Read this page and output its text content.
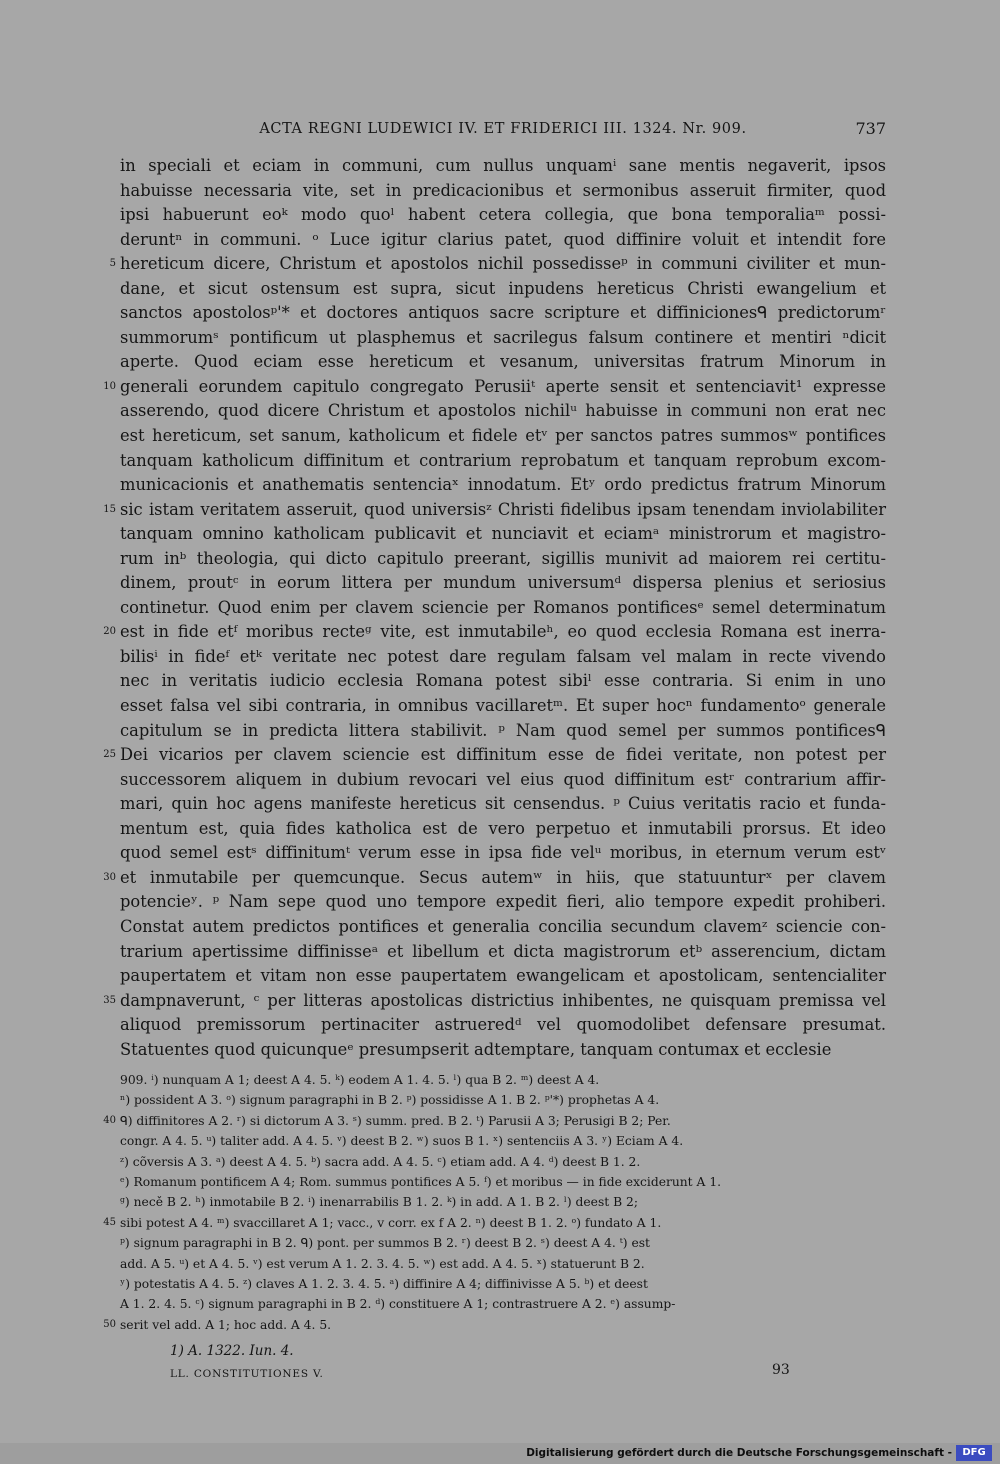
ACTA REGNI LUDEWICI IV. ET FRIDERICI III. 1324. Nr. 909.	737
in speciali et eciam in communi, cum nullus unquamⁱ sane mentis negaverit, ipsos
habuisse necessaria vite, set in predicacionibus et sermonibus asseruit firmiter, quod
ipsi habuerunt eoᵏ modo quoˡ habent cetera collegia, que bona temporaliaᵐ possi-
deruntⁿ in communi. ᵒ Luce igitur clarius patet, quod diffinire voluit et intendit fore
5 hereticum dicere, Christum et apostolos nichil possedisseᵖ in communi civiliter et mun-
dane, et sicut ostensum est supra, sicut inpudens hereticus Christi ewangelium et
sanctos apostolosᵖ'* et doctores antiquos sacre scripture et diffinicionesᑫ predictorumʳ
summorumˢ pontificum ut plasphemus et sacrilegus falsum continere et mentiri ⁿdicit
aperte. Quod eciam esse hereticum et vesanum, universitas fratrum Minorum in
10 generali eorundem capitulo congregato Perusiiᵗ aperte sensit et sentenciavit¹ expresse
asserendo, quod dicere Christum et apostolos nichilᵘ habuisse in communi non erat nec
est hereticum, set sanum, katholicum et fidele etᵛ per sanctos patres summosʷ pontifices
tanquam katholicum diffinitum et contrarium reprobatum et tanquam reprobum excom-
municacionis et anathematis sentenciaˣ innodatum. Etʸ ordo predictus fratrum Minorum
15 sic istam veritatem asseruit, quod universisᶻ Christi fidelibus ipsam tenendam inviolabiliter
tanquam omnino katholicam publicavit et nunciavit et eciamᵃ ministrorum et magistro-
rum inᵇ theologia, qui dicto capitulo preerant, sigillis munivit ad maiorem rei certitu-
dinem, proutᶜ in eorum littera per mundum universumᵈ dispersa plenius et seriosius
continetur. Quod enim per clavem sciencie per Romanos pontificesᵉ semel determinatum
20 est in fide etᶠ moribus recteᵍ vite, est inmutabileʰ, eo quod ecclesia Romana est inerra-
bilisⁱ in fideᶠ etᵏ veritate nec potest dare regulam falsam vel malam in recte vivendo
nec in veritatis iudicio ecclesia Romana potest sibiˡ esse contraria. Si enim in uno
esset falsa vel sibi contraria, in omnibus vacillaretᵐ. Et super hocⁿ fundamentoᵒ generale
capitulum se in predicta littera stabilivit. ᵖ Nam quod semel per summos pontificesᑫ
25 Dei vicarios per clavem sciencie est diffinitum esse de fidei veritate, non potest per
successorem aliquem in dubium revocari vel eius quod diffinitum estʳ contrarium affir-
mari, quin hoc agens manifeste hereticus sit censendus. ᵖ Cuius veritatis racio et funda-
mentum est, quia fides katholica est de vero perpetuo et inmutabili prorsus. Et ideo
quod semel estˢ diffinitumᵗ verum esse in ipsa fide velᵘ moribus, in eternum verum estᵛ
30 et inmutabile per quemcunque. Secus autemʷ in hiis, que statuunturˣ per clavem
potencieʸ. ᵖ Nam sepe quod uno tempore expedit fieri, alio tempore expedit prohiberi.
Constat autem predictos pontifices et generalia concilia secundum clavemᶻ sciencie con-
trarium apertissime diffinisseᵃ et libellum et dicta magistrorum etᵇ asserencium, dictam
paupertatem et vitam non esse paupertatem ewangelicam et apostolicam, sentencialiter
35 dampnaverunt, ᶜ per litteras apostolicas districtius inhibentes, ne quisquam premissa vel
aliquod premissorum pertinaciter astrueredᵈ vel quomodolibet defensare presumat.
Statuentes quod quicunqueᵉ presumpserit adtemptare, tanquam contumax et ecclesie
909. ⁱ) nunquam A 1; deest A 4. 5. ᵏ) eodem A 1. 4. 5. ˡ) qua B 2. ᵐ) deest A 4.
ⁿ) possident A 3. ᵒ) signum paragraphi in B 2. ᵖ) possidisse A 1. B 2. ᵖ'*) prophetas A 4.
40 ᑫ) diffinitores A 2. ʳ) si dictorum A 3. ˢ) summ. pred. B 2. ᵗ) Parusii A 3; Perusigi B 2; Per.
congr. A 4. 5. ᵘ) taliter add. A 4. 5. ᵛ) deest B 2. ʷ) suos B 1. ˣ) sentenciis A 3. ʸ) Eciam A 4.
ᶻ) cõversis A 3. ᵃ) deest A 4. 5. ᵇ) sacra add. A 4. 5. ᶜ) etiam add. A 4. ᵈ) deest B 1. 2.
ᵉ) Romanum pontificem A 4; Rom. summus pontifices A 5. ᶠ) et moribus — in fide exciderunt A 1.
ᵍ) necě B 2. ʰ) inmotabile B 2. ⁱ) inenarrabilis B 1. 2. ᵏ) in add. A 1. B 2. ˡ) deest B 2;
45 sibi potest A 4. ᵐ) svaccillaret A 1; vacc., v corr. ex f A 2. ⁿ) deest B 1. 2. ᵒ) fundato A 1.
ᵖ) signum paragraphi in B 2. ᑫ) pont. per summos B 2. ʳ) deest B 2. ˢ) deest A 4. ᵗ) est
add. A 5. ᵘ) et A 4. 5. ᵛ) est verum A 1. 2. 3. 4. 5. ʷ) est add. A 4. 5. ˣ) statuerunt B 2.
ʸ) potestatis A 4. 5. ᶻ) claves A 1. 2. 3. 4. 5. ᵃ) diffinire A 4; diffinivisse A 5. ᵇ) et deest
A 1. 2. 4. 5. ᶜ) signum paragraphi in B 2. ᵈ) constituere A 1; contrastruere A 2. ᵉ) assump-
50 serit vel add. A 1; hoc add. A 4. 5.
1) A. 1322. Iun. 4.
LL. CONSTITUTIONES V.	93
Digitalisierung gefördert durch die Deutsche Forschungsgemeinschaft -	DFG
